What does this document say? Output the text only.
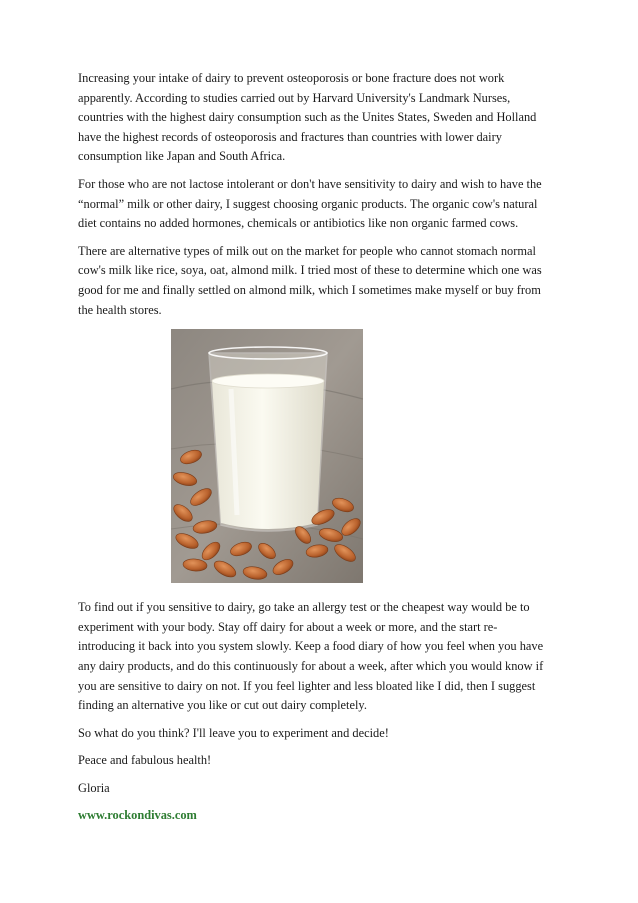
Increasing your intake of dairy to prevent osteoporosis or bone fracture does not work
apparently. According to studies carried out by Harvard University's Landmark Nurses,
countries with the highest dairy consumption such as the Unites States, Sweden and Holland
have the highest records of osteoporosis and fractures than countries with lower dairy
consumption like Japan and South Africa.

For those who are not lactose intolerant or don't have sensitivity to dairy and wish to have the
“normal” milk or other dairy, I suggest choosing organic products. The organic cow's natural
diet contains no added hormones, chemicals or antibiotics like non organic farmed cows.

There are alternative types of milk out on the market for people who cannot stomach normal
cow's milk like rice, soya, oat, almond milk. I tried most of these to determine which one was
good for me and finally settled on almond milk, which I sometimes make myself or buy from
the health stores.

To find out if you sensitive to dairy, go take an allergy test or the cheapest way would be to
experiment with your body. Stay off dairy for about a week or more, and the start re-
introducing it back into you system slowly. Keep a food diary of how you feel when you have
any dairy products, and do this continuously for about a week, after which you would know if
you are sensitive to dairy on not. If you feel lighter and less bloated like I did, then I suggest
finding an alternative you like or cut out dairy completely.

So what do you think? I'll leave you to experiment and decide!

Peace and fabulous health!

Gloria

www.rockondivas.com
